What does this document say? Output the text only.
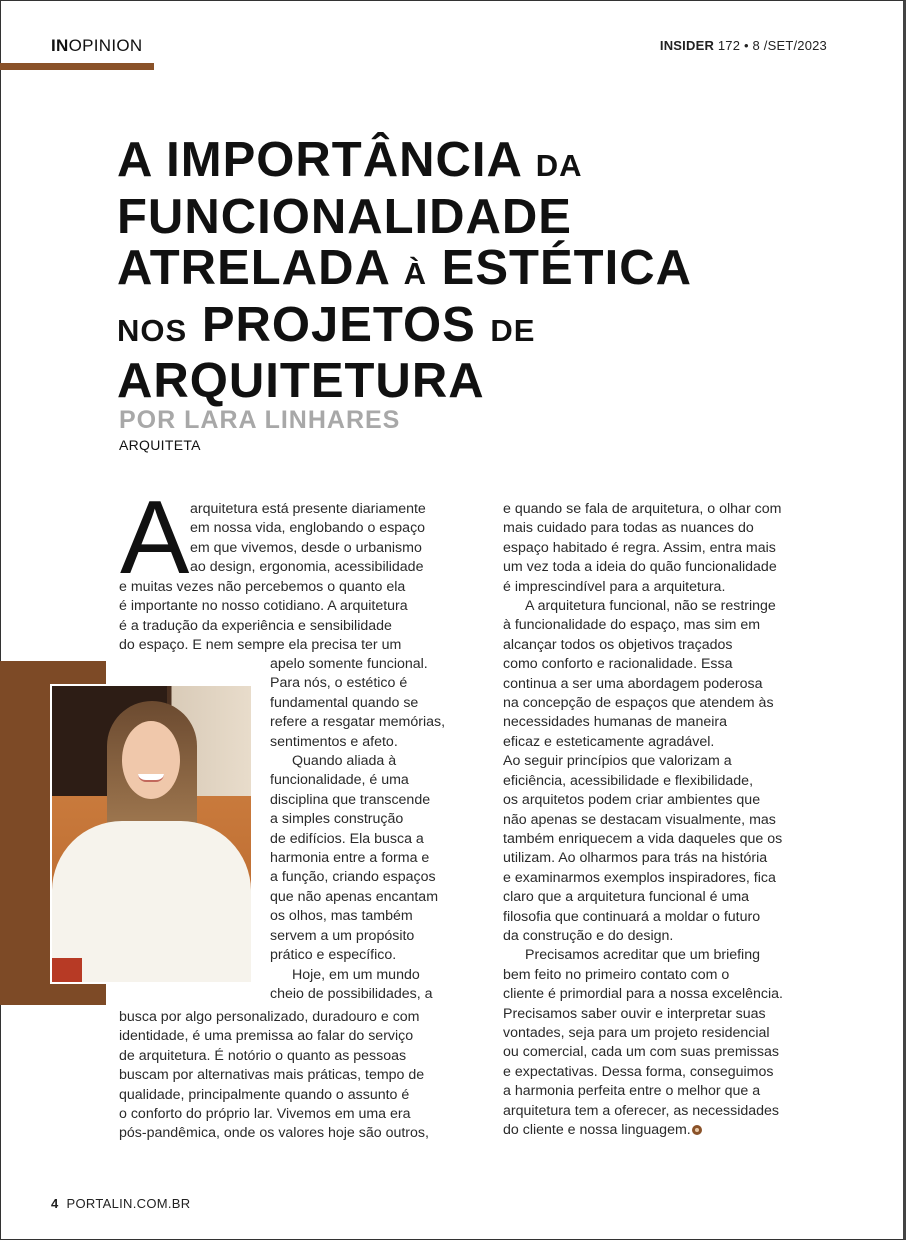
INOPINION	INSIDER 172 • 8 /SET/2023
A IMPORTÂNCIA DA
FUNCIONALIDADE
ATRELADA À ESTÉTICA
NOS PROJETOS DE
ARQUITETURA
POR LARA LINHARES
ARQUITETA
A arquitetura está presente diariamente

em nossa vida, englobando o espaço

em que vivemos, desde o urbanismo

ao design, ergonomia, acessibilidade

e muitas vezes não percebemos o quanto ela

é importante no nosso cotidiano. A arquitetura

é a tradução da experiência e sensibilidade

do espaço. E nem sempre ela precisa ter um

apelo somente funcional.

Para nós, o estético é

fundamental quando se

refere a resgatar memórias,

sentimentos e afeto.

Quando aliada à

funcionalidade, é uma

disciplina que transcende

a simples construção

de edifícios. Ela busca a

harmonia entre a forma e

a função, criando espaços

que não apenas encantam

os olhos, mas também

servem a um propósito

prático e específico.

Hoje, em um mundo

cheio de possibilidades, a

busca por algo personalizado, duradouro e com

identidade, é uma premissa ao falar do serviço

de arquitetura. É notório o quanto as pessoas

buscam por alternativas mais práticas, tempo de

qualidade, principalmente quando o assunto é

o conforto do próprio lar. Vivemos em uma era

pós-pandêmica, onde os valores hoje são outros,

e quando se fala de arquitetura, o olhar com

mais cuidado para todas as nuances do

espaço habitado é regra. Assim, entra mais

um vez toda a ideia do quão funcionalidade

é imprescindível para a arquitetura.

A arquitetura funcional, não se restringe

à funcionalidade do espaço, mas sim em

alcançar todos os objetivos traçados

como conforto e racionalidade. Essa

continua a ser uma abordagem poderosa

na concepção de espaços que atendem às

necessidades humanas de maneira

eficaz e esteticamente agradável.

Ao seguir princípios que valorizam a

eficiência, acessibilidade e flexibilidade,

os arquitetos podem criar ambientes que

não apenas se destacam visualmente, mas

também enriquecem a vida daqueles que os

utilizam. Ao olharmos para trás na história

e examinarmos exemplos inspiradores, fica

claro que a arquitetura funcional é uma

filosofia que continuará a moldar o futuro

da construção e do design.

Precisamos acreditar que um briefing

bem feito no primeiro contato com o

cliente é primordial para a nossa excelência.

Precisamos saber ouvir e interpretar suas

vontades, seja para um projeto residencial

ou comercial, cada um com suas premissas

e expectativas. Dessa forma, conseguimos

a harmonia perfeita entre o melhor que a

arquitetura tem a oferecer, as necessidades

do cliente e nossa linguagem.

4 PORTALIN.COM.BR
